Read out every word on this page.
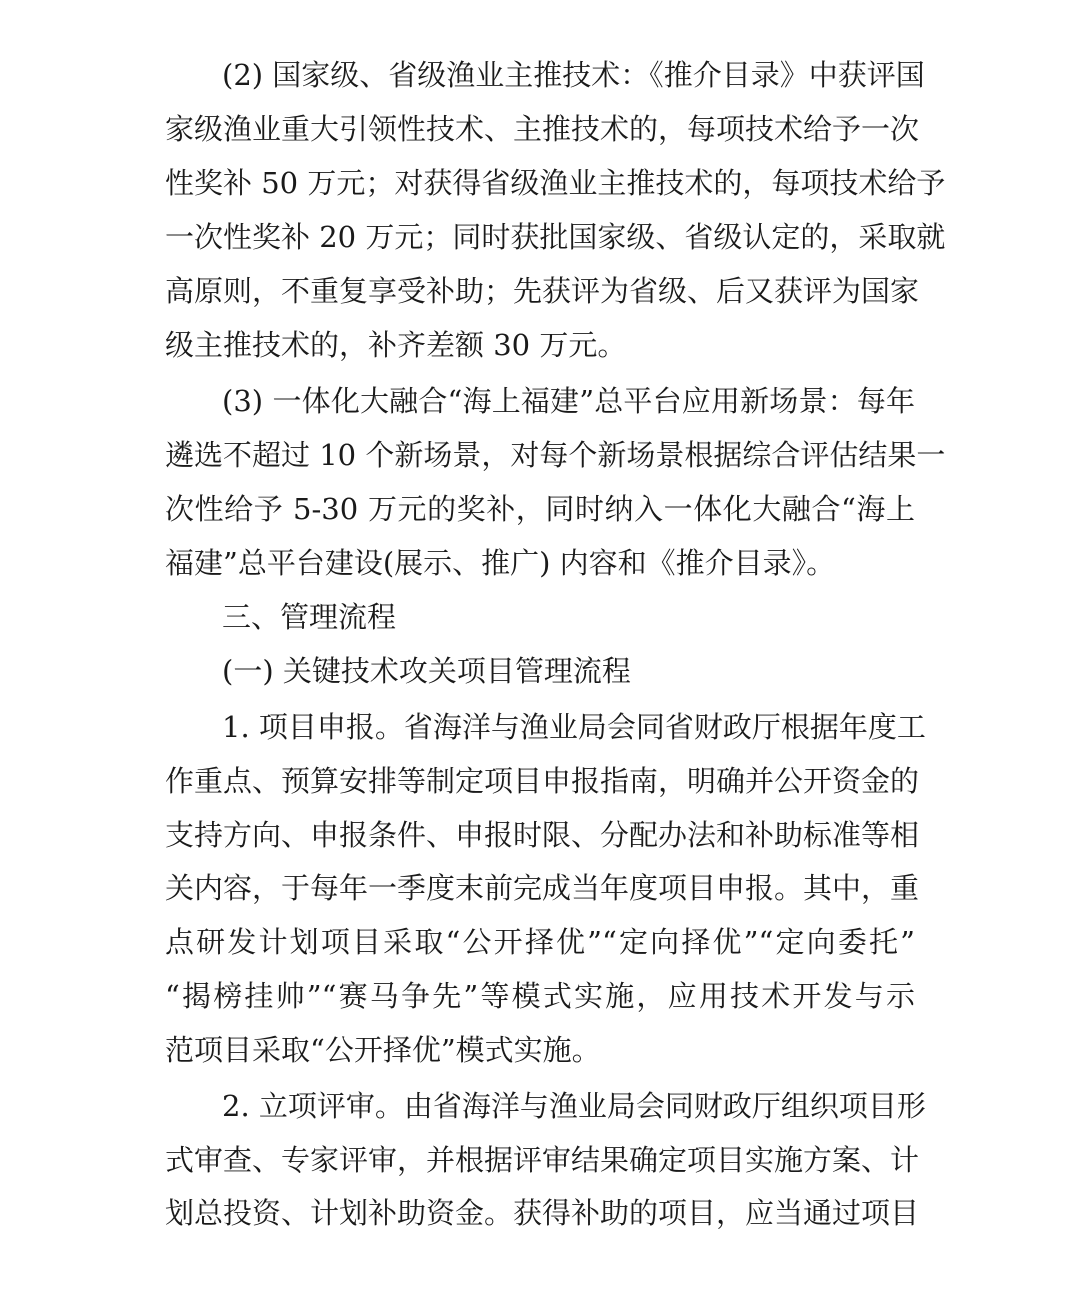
(2) 国家级、省级渔业主推技术：《推介目录》中获评国
家级渔业重大引领性技术、主推技术的，每项技术给予一次
性奖补 50 万元；对获得省级渔业主推技术的，每项技术给予
一次性奖补 20 万元；同时获批国家级、省级认定的，采取就
高原则，不重复享受补助；先获评为省级、后又获评为国家
级主推技术的，补齐差额 30 万元。
(3) 一体化大融合“海上福建”总平台应用新场景：每年
遴选不超过 10 个新场景，对每个新场景根据综合评估结果一
次性给予 5-30 万元的奖补，同时纳入一体化大融合“海上
福建”总平台建设(展示、推广) 内容和《推介目录》。
三、管理流程
(一) 关键技术攻关项目管理流程
1. 项目申报。省海洋与渔业局会同省财政厅根据年度工
作重点、预算安排等制定项目申报指南，明确并公开资金的
支持方向、申报条件、申报时限、分配办法和补助标准等相
关内容，于每年一季度末前完成当年度项目申报。其中，重
点研发计划项目采取“公开择优”“定向择优”“定向委托”
“揭榜挂帅”“赛马争先”等模式实施，应用技术开发与示
范项目采取“公开择优”模式实施。
2. 立项评审。由省海洋与渔业局会同财政厅组织项目形
式审查、专家评审，并根据评审结果确定项目实施方案、计
划总投资、计划补助资金。获得补助的项目，应当通过项目
